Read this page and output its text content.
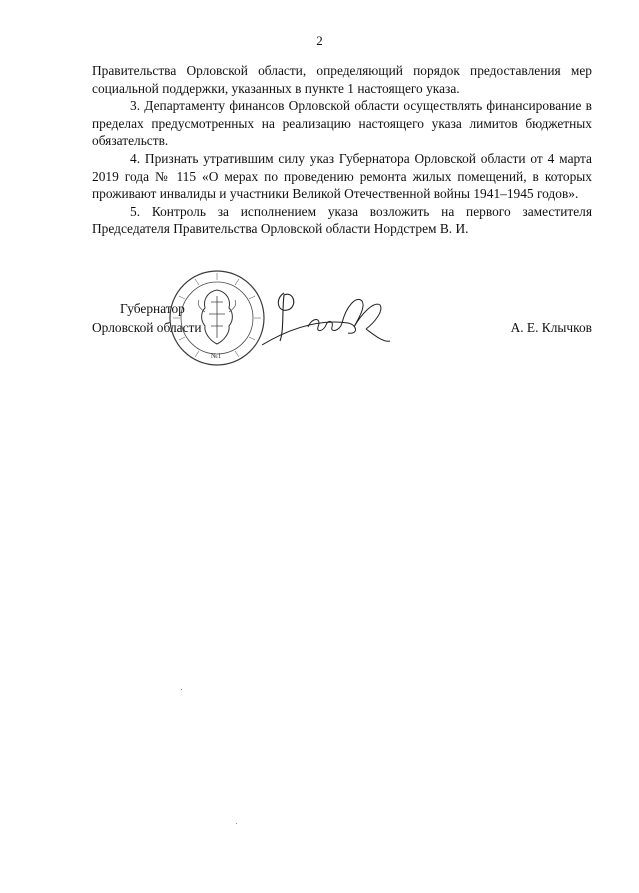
2

Правительства Орловской области, определяющий порядок предоставления мер социальной поддержки, указанных в пункте 1 настоящего указа.

3. Департаменту финансов Орловской области осуществлять финансирование в пределах предусмотренных на реализацию настоящего указа лимитов бюджетных обязательств.

4. Признать утратившим силу указ Губернатора Орловской области от 4 марта 2019 года № 115 «О мерах по проведению ремонта жилых помещений, в которых проживают инвалиды и участники Великой Отечественной войны 1941–1945 годов».

5. Контроль за исполнением указа возложить на первого заместителя Председателя Правительства Орловской области Нордстрем В. И.

№1
Губернатор
Орловской области	А. Е. Клычков
